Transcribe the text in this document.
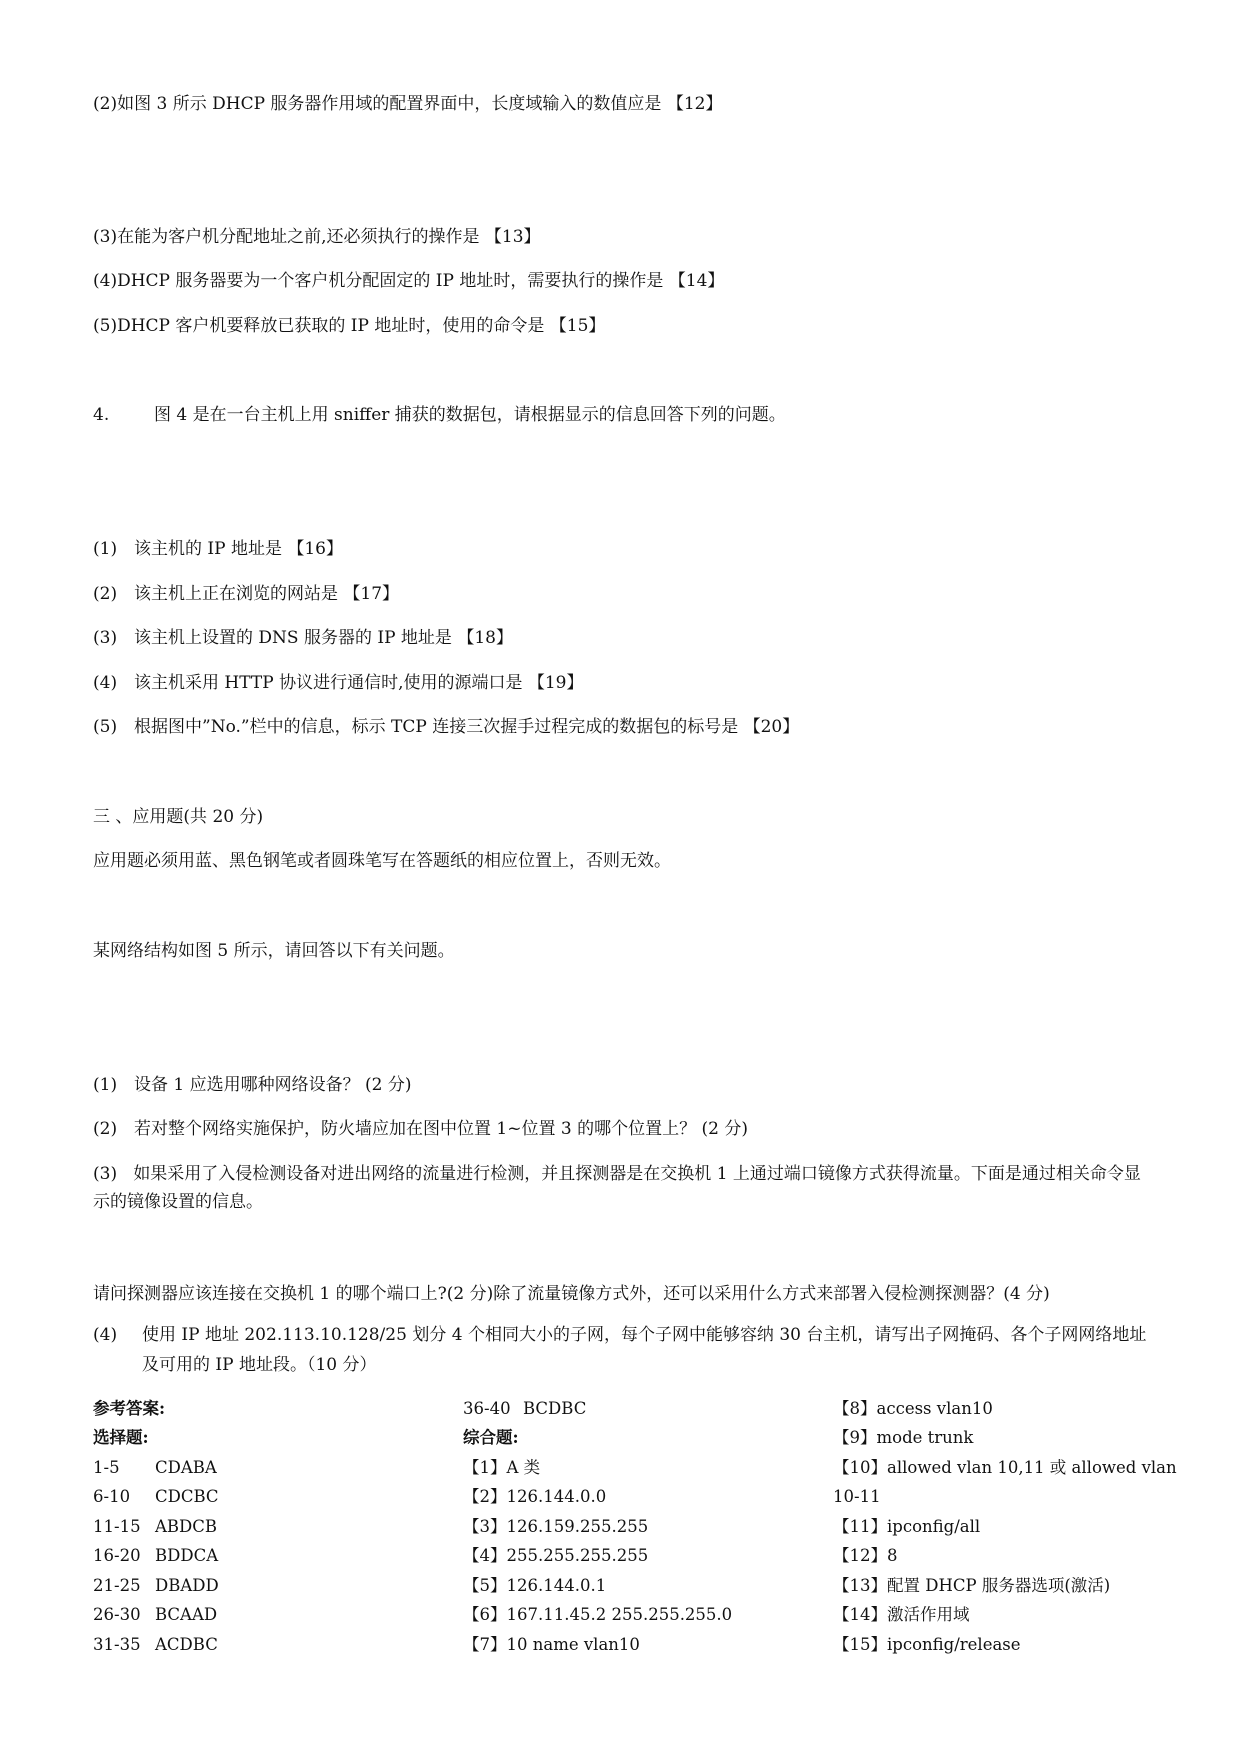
(2)如图 3 所示 DHCP 服务器作用域的配置界面中，长度域输入的数值应是 【12】
(3)在能为客户机分配地址之前,还必须执行的操作是 【13】
(4)DHCP 服务器要为一个客户机分配固定的 IP 地址时，需要执行的操作是 【14】
(5)DHCP 客户机要释放已获取的 IP 地址时，使用的命令是 【15】
4.	图 4 是在一台主机上用 sniffer 捕获的数据包，请根据显示的信息回答下列的问题。
(1) 该主机的 IP 地址是 【16】
(2) 该主机上正在浏览的网站是 【17】
(3) 该主机上设置的 DNS 服务器的 IP 地址是 【18】
(4) 该主机采用 HTTP 协议进行通信时,使用的源端口是 【19】
(5) 根据图中”No.”栏中的信息，标示 TCP 连接三次握手过程完成的数据包的标号是 【20】
三 、应用题(共 20 分)
应用题必须用蓝、黑色钢笔或者圆珠笔写在答题纸的相应位置上，否则无效。
某网络结构如图 5 所示，请回答以下有关问题。
(1) 设备 1 应选用哪种网络设备？ (2 分)
(2) 若对整个网络实施保护，防火墙应加在图中位置 1~位置 3 的哪个位置上？ (2 分)
(3) 如果采用了入侵检测设备对进出网络的流量进行检测，并且探测器是在交换机 1 上通过端口镜像方式获得流量。下面是通过相关命令显示的镜像设置的信息。
请问探测器应该连接在交换机 1 的哪个端口上?(2 分)除了流量镜像方式外，还可以采用什么方式来部署入侵检测探测器？(4 分)
(4) 使用 IP 地址 202.113.10.128/25 划分 4 个相同大小的子网，每个子网中能够容纳 30 台主机，请写出子网掩码、各个子网网络地址及可用的 IP 地址段。（10 分）
参考答案:
选择题:
1-5 CDABA
6-10 CDCBC
11-15 ABDCB
16-20 BDDCA
21-25 DBADD
26-30 BCAAD
31-35 ACDBC
36-40 BCDBC
综合题:
【1】A 类
【2】126.144.0.0
【3】126.159.255.255
【4】255.255.255.255
【5】126.144.0.1
【6】167.11.45.2 255.255.255.0
【7】10 name vlan10
【8】access vlan10
【9】mode trunk
【10】allowed vlan 10,11 或 allowed vlan
10-11
【11】ipconfig/all
【12】8
【13】配置 DHCP 服务器选项(激活)
【14】激活作用域
【15】ipconfig/release
